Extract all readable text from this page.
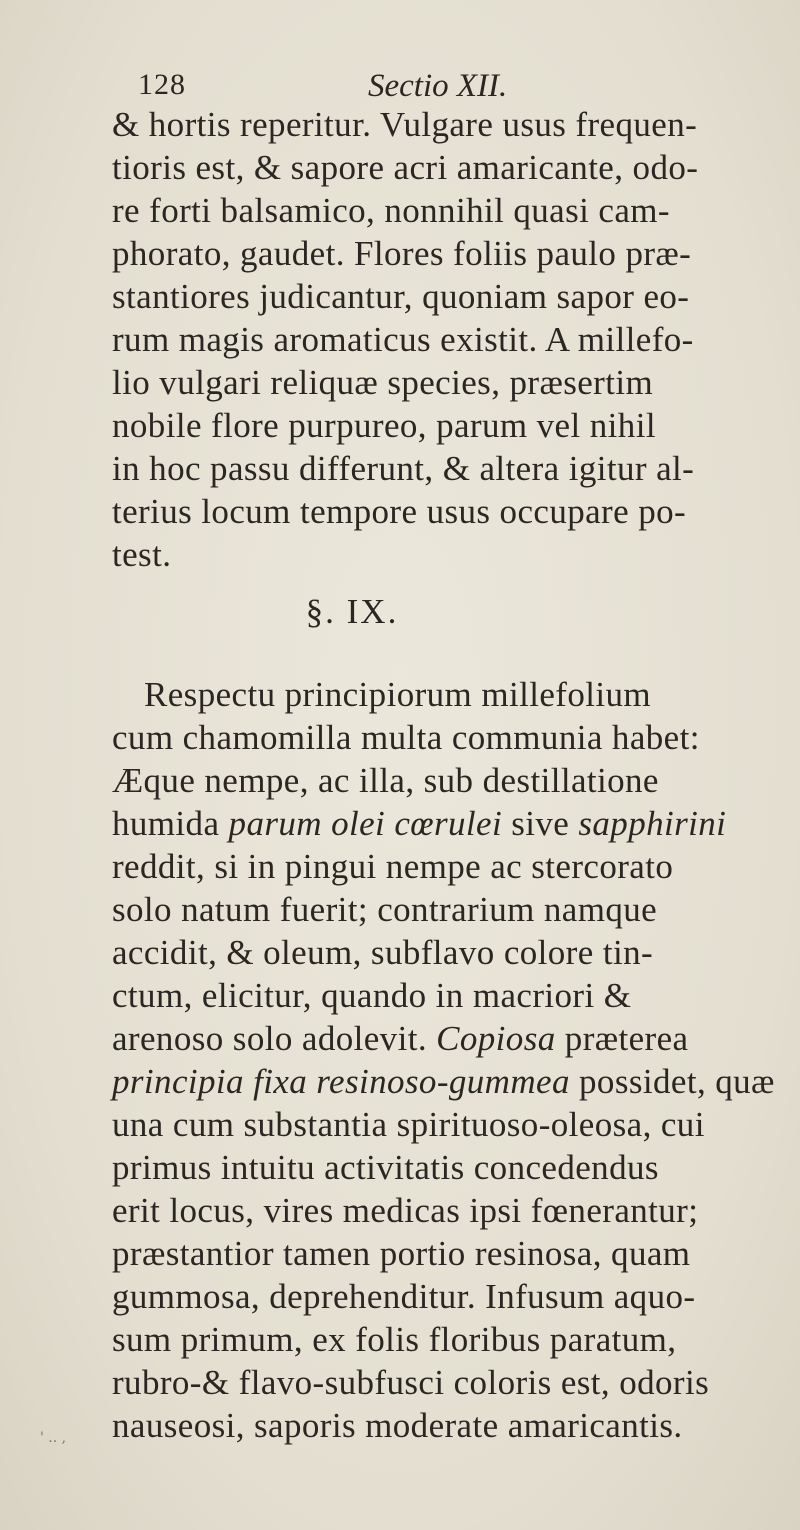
128	Sectio XII.
& hortis reperitur. Vulgare usus frequen-
tioris est, & sapore acri amaricante, odo-
re forti balsamico, nonnihil quasi cam-
phorato, gaudet. Flores foliis paulo præ-
stantiores judicantur, quoniam sapor eo-
rum magis aromaticus existit. A millefo-
lio vulgari reliquæ species, præsertim
nobile flore purpureo, parum vel nihil
in hoc passu differunt, & altera igitur al-
terius locum tempore usus occupare po-
test.
§. IX.
Respectu principiorum millefolium
cum chamomilla multa communia habet:
Æque nempe, ac illa, sub destillatione
humida parum olei cœrulei sive sapphirini
reddit, si in pingui nempe ac stercorato
solo natum fuerit; contrarium namque
accidit, & oleum, subflavo colore tin-
ctum, elicitur, quando in macriori &
arenoso solo adolevit. Copiosa præterea
principia fixa resinoso-gummea possidet, quæ
una cum substantia spirituoso-oleosa, cui
primus intuitu activitatis concedendus
erit locus, vires medicas ipsi fœnerantur;
præstantior tamen portio resinosa, quam
gummosa, deprehenditur. Infusum aquo-
sum primum, ex folis floribus paratum,
rubro-& flavo-subfusci coloris est, odoris
nauseosi, saporis moderate amaricantis.
' .. ,
